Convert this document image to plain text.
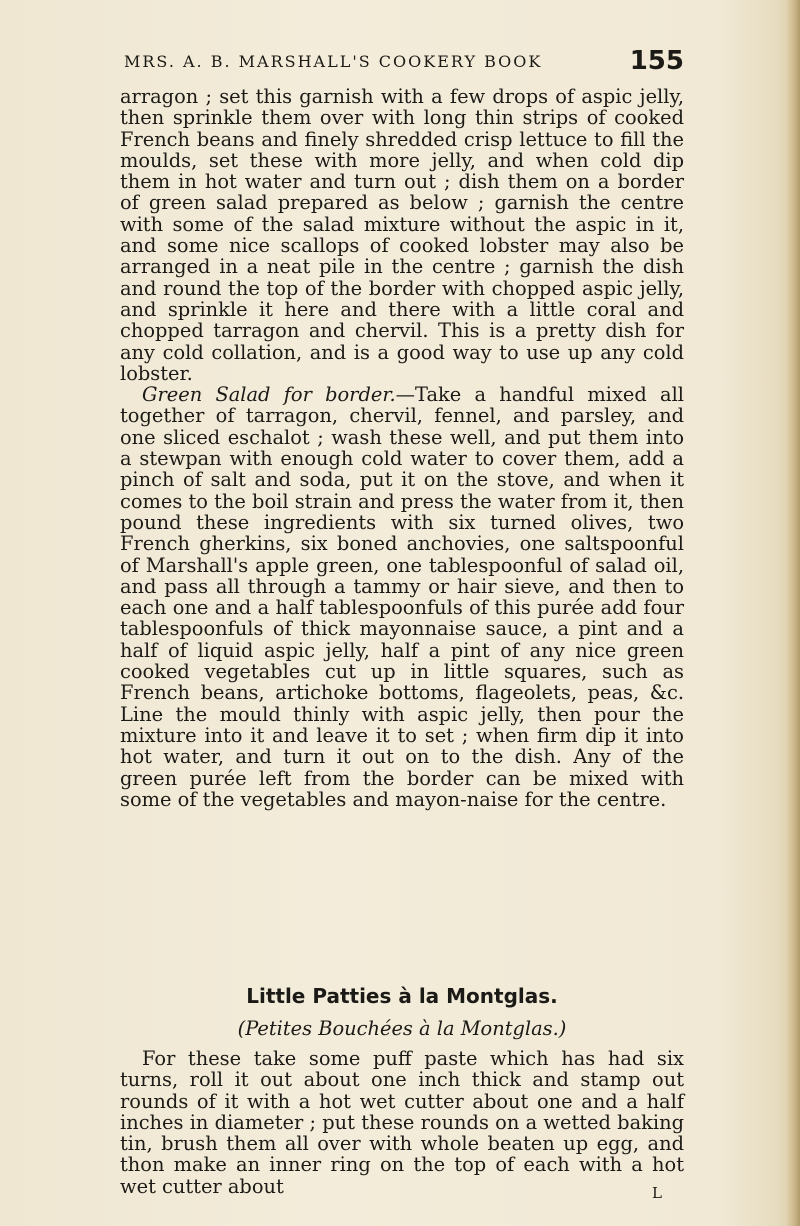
MRS. A. B. MARSHALL'S COOKERY BOOK	155

arragon ; set this garnish with a few drops of aspic jelly, then sprinkle them over with long thin strips of cooked French beans and finely shredded crisp lettuce to fill the moulds, set these with more jelly, and when cold dip them in hot water and turn out ; dish them on a border of green salad prepared as below ; garnish the centre with some of the salad mixture without the aspic in it, and some nice scallops of cooked lobster may also be arranged in a neat pile in the centre ; garnish the dish and round the top of the border with chopped aspic jelly, and sprinkle it here and there with a little coral and chopped tarragon and chervil. This is a pretty dish for any cold collation, and is a good way to use up any cold lobster.

Green Salad for border.—Take a handful mixed all together of tarragon, chervil, fennel, and parsley, and one sliced eschalot ; wash these well, and put them into a stewpan with enough cold water to cover them, add a pinch of salt and soda, put it on the stove, and when it comes to the boil strain and press the water from it, then pound these ingredients with six turned olives, two French gherkins, six boned anchovies, one saltspoonful of Marshall's apple green, one tablespoonful of salad oil, and pass all through a tammy or hair sieve, and then to each one and a half tablespoonfuls of this purée add four tablespoonfuls of thick mayonnaise sauce, a pint and a half of liquid aspic jelly, half a pint of any nice green cooked vegetables cut up in little squares, such as French beans, artichoke bottoms, flageolets, peas, &c. Line the mould thinly with aspic jelly, then pour the mixture into it and leave it to set ; when firm dip it into hot water, and turn it out on to the dish. Any of the green purée left from the border can be mixed with some of the vegetables and mayon-naise for the centre.

Little Patties à la Montglas.
(Petites Bouchées à la Montglas.)

For these take some puff paste which has had six turns, roll it out about one inch thick and stamp out rounds of it with a hot wet cutter about one and a half inches in diameter ; put these rounds on a wetted baking tin, brush them all over with whole beaten up egg, and thon make an inner ring on the top of each with a hot wet cutter about	L
